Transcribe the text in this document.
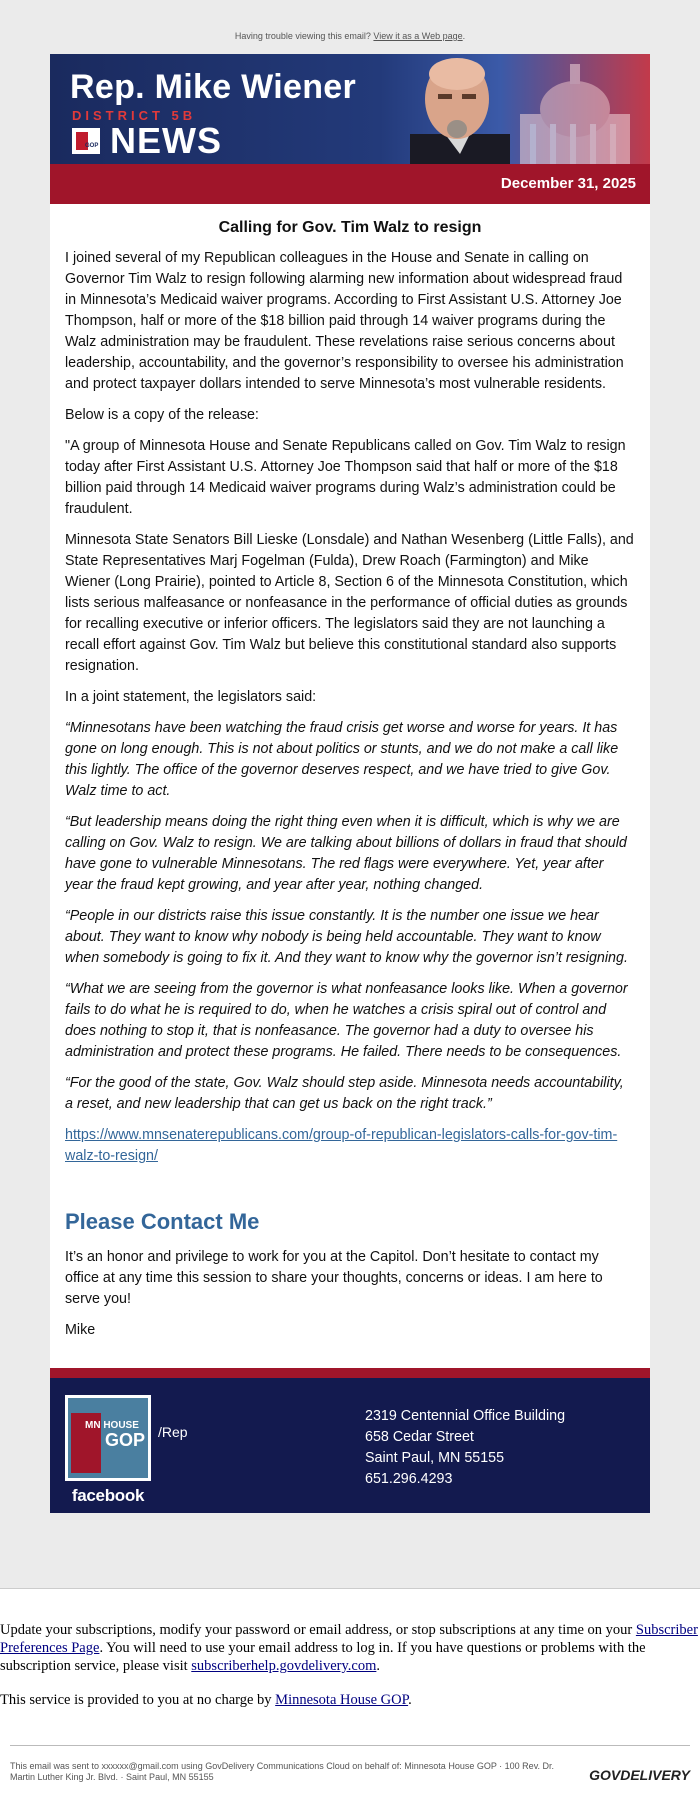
Having trouble viewing this email? View it as a Web page.
Rep. Mike Wiener
DISTRICT 5B
GOP NEWS
December 31, 2025
Calling for Gov. Tim Walz to resign

I joined several of my Republican colleagues in the House and Senate in calling on Governor Tim Walz to resign following alarming new information about widespread fraud in Minnesota’s Medicaid waiver programs. According to First Assistant U.S. Attorney Joe Thompson, half or more of the $18 billion paid through 14 waiver programs during the Walz administration may be fraudulent. These revelations raise serious concerns about leadership, accountability, and the governor’s responsibility to oversee his administration and protect taxpayer dollars intended to serve Minnesota’s most vulnerable residents.

Below is a copy of the release:

"A group of Minnesota House and Senate Republicans called on Gov. Tim Walz to resign today after First Assistant U.S. Attorney Joe Thompson said that half or more of the $18 billion paid through 14 Medicaid waiver programs during Walz’s administration could be fraudulent.

Minnesota State Senators Bill Lieske (Lonsdale) and Nathan Wesenberg (Little Falls), and State Representatives Marj Fogelman (Fulda), Drew Roach (Farmington) and Mike Wiener (Long Prairie), pointed to Article 8, Section 6 of the Minnesota Constitution, which lists serious malfeasance or nonfeasance in the performance of official duties as grounds for recalling executive or inferior officers. The legislators said they are not launching a recall effort against Gov. Tim Walz but believe this constitutional standard also supports resignation.

In a joint statement, the legislators said:

“Minnesotans have been watching the fraud crisis get worse and worse for years. It has gone on long enough. This is not about politics or stunts, and we do not make a call like this lightly. The office of the governor deserves respect, and we have tried to give Gov. Walz time to act.

“But leadership means doing the right thing even when it is difficult, which is why we are calling on Gov. Walz to resign. We are talking about billions of dollars in fraud that should have gone to vulnerable Minnesotans. The red flags were everywhere. Yet, year after year the fraud kept growing, and year after year, nothing changed.

“People in our districts raise this issue constantly. It is the number one issue we hear about. They want to know why nobody is being held accountable. They want to know when somebody is going to fix it. And they want to know why the governor isn’t resigning.

“What we are seeing from the governor is what nonfeasance looks like. When a governor fails to do what he is required to do, when he watches a crisis spiral out of control and does nothing to stop it, that is nonfeasance. The governor had a duty to oversee his administration and protect these programs. He failed. There needs to be consequences.

“For the good of the state, Gov. Walz should step aside. Minnesota needs accountability, a reset, and new leadership that can get us back on the right track.”

https://www.mnsenaterepublicans.com/group-of-republican-legislators-calls-for-gov-tim-walz-to-resign/

Please Contact Me

It’s an honor and privilege to work for you at the Capitol. Don’t hesitate to contact my office at any time this session to share your thoughts, concerns or ideas. I am here to serve you!

Mike

MN HOUSE
GOP
facebook
/Rep
2319 Centennial Office Building
658 Cedar Street
Saint Paul, MN 55155
651.296.4293
Update your subscriptions, modify your password or email address, or stop subscriptions at any time on your Subscriber Preferences Page. You will need to use your email address to log in. If you have questions or problems with the subscription service, please visit subscriberhelp.govdelivery.com.
This service is provided to you at no charge by Minnesota House GOP.
This email was sent to xxxxxx@gmail.com using GovDelivery Communications Cloud on behalf of: Minnesota House GOP · 100 Rev. Dr. Martin Luther King Jr. Blvd. · Saint Paul, MN 55155	GOVDELIVERY
